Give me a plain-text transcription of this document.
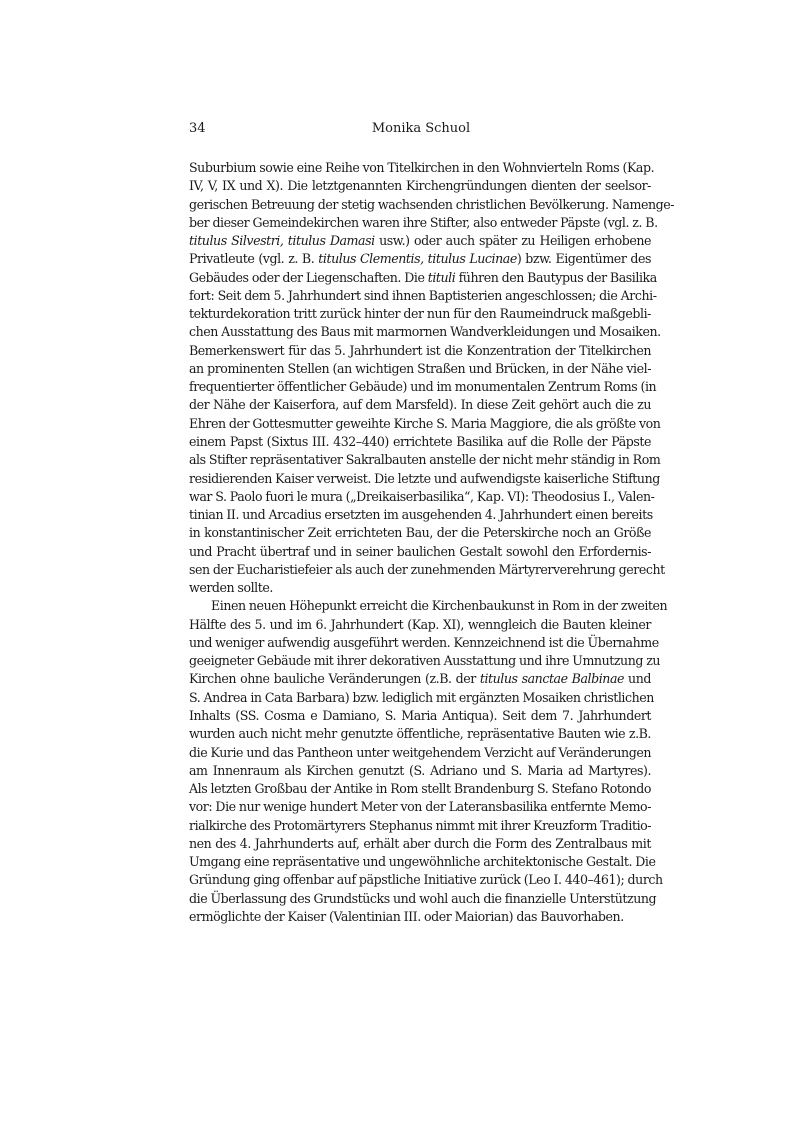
34	Monika Schuol
Suburbium sowie eine Reihe von Titelkirchen in den Wohnvierteln Roms (Kap.
IV, V, IX und X). Die letztgenannten Kirchengründungen dienten der seelsor-
gerischen Betreuung der stetig wachsenden christlichen Bevölkerung. Namenge-
ber dieser Gemeindekirchen waren ihre Stifter, also entweder Päpste (vgl. z. B.
titulus Silvestri, titulus Damasi usw.) oder auch später zu Heiligen erhobene
Privatleute (vgl. z. B. titulus Clementis, titulus Lucinae) bzw. Eigentümer des
Gebäudes oder der Liegenschaften. Die tituli führen den Bautypus der Basilika
fort: Seit dem 5. Jahrhundert sind ihnen Baptisterien angeschlossen; die Archi-
tekturdekoration tritt zurück hinter der nun für den Raumeindruck maßgebli-
chen Ausstattung des Baus mit marmornen Wandverkleidungen und Mosaiken.
Bemerkenswert für das 5. Jahrhundert ist die Konzentration der Titelkirchen
an prominenten Stellen (an wichtigen Straßen und Brücken, in der Nähe viel-
frequentierter öffentlicher Gebäude) und im monumentalen Zentrum Roms (in
der Nähe der Kaiserfora, auf dem Marsfeld). In diese Zeit gehört auch die zu
Ehren der Gottesmutter geweihte Kirche S. Maria Maggiore, die als größte von
einem Papst (Sixtus III. 432–440) errichtete Basilika auf die Rolle der Päpste
als Stifter repräsentativer Sakralbauten anstelle der nicht mehr ständig in Rom
residierenden Kaiser verweist. Die letzte und aufwendigste kaiserliche Stiftung
war S. Paolo fuori le mura („Dreikaiserbasilika“, Kap. VI): Theodosius I., Valen-
tinian II. und Arcadius ersetzten im ausgehenden 4. Jahrhundert einen bereits
in konstantinischer Zeit errichteten Bau, der die Peterskirche noch an Größe
und Pracht übertraf und in seiner baulichen Gestalt sowohl den Erfordernis-
sen der Eucharistiefeier als auch der zunehmenden Märtyrerverehrung gerecht
werden sollte.
Einen neuen Höhepunkt erreicht die Kirchenbaukunst in Rom in der zweiten
Hälfte des 5. und im 6. Jahrhundert (Kap. XI), wenngleich die Bauten kleiner
und weniger aufwendig ausgeführt werden. Kennzeichnend ist die Übernahme
geeigneter Gebäude mit ihrer dekorativen Ausstattung und ihre Umnutzung zu
Kirchen ohne bauliche Veränderungen (z.B. der titulus sanctae Balbinae und
S. Andrea in Cata Barbara) bzw. lediglich mit ergänzten Mosaiken christlichen
Inhalts (SS. Cosma e Damiano, S. Maria Antiqua). Seit dem 7. Jahrhundert
wurden auch nicht mehr genutzte öffentliche, repräsentative Bauten wie z.B.
die Kurie und das Pantheon unter weitgehendem Verzicht auf Veränderungen
am Innenraum als Kirchen genutzt (S. Adriano und S. Maria ad Martyres).
Als letzten Großbau der Antike in Rom stellt Brandenburg S. Stefano Rotondo
vor: Die nur wenige hundert Meter von der Lateransbasilika entfernte Memo-
rialkirche des Protomärtyrers Stephanus nimmt mit ihrer Kreuzform Traditio-
nen des 4. Jahrhunderts auf, erhält aber durch die Form des Zentralbaus mit
Umgang eine repräsentative und ungewöhnliche architektonische Gestalt. Die
Gründung ging offenbar auf päpstliche Initiative zurück (Leo I. 440–461); durch
die Überlassung des Grundstücks und wohl auch die finanzielle Unterstützung
ermöglichte der Kaiser (Valentinian III. oder Maiorian) das Bauvorhaben.
